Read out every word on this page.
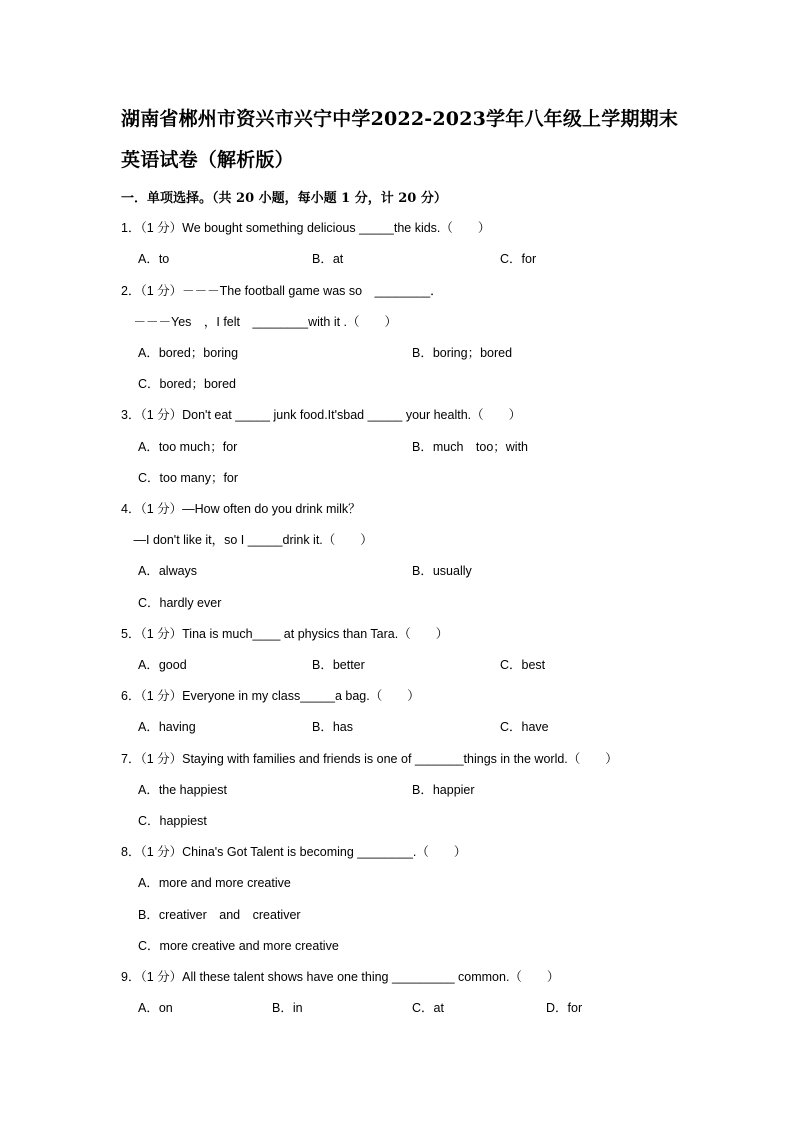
湖南省郴州市资兴市兴宁中学2022-2023学年八年级上学期期末
英语试卷（解析版）
一．单项选择。（共 20 小题，每小题 1 分，计 20 分）
1．（1 分）We bought something delicious _____the kids.（　　）
A．to	B．at	C．for
2．（1 分）－－－The football game was so　________．
　－－－Yes　，I felt　________with it .（　　）
A．bored；boring	B．boring；bored
C．bored；bored
3．（1 分）Don't eat _____ junk food.It'sbad _____ your health.（　　）
A．too much；for	B．much　too；with
C．too many；for
4．（1 分）—How often do you drink milk？
　—I don't like it，so I _____drink it.（　　）
A．always	B．usually
C．hardly ever
5．（1 分）Tina is much____ at physics than Tara.（　　）
A．good	B．better	C．best
6．（1 分）Everyone in my class_____a bag.（　　）
A．having	B．has	C．have
7．（1 分）Staying with families and friends is one of _______things in the world.（　　）
A．the happiest	B．happier
C．happiest
8．（1 分）China's Got Talent is becoming ________.（　　）
A．more and more creative
B．creativer　and　creativer
C．more creative and more creative
9．（1 分）All these talent shows have one thing _________ common.（　　）
A．on	B．in	C．at	D．for
